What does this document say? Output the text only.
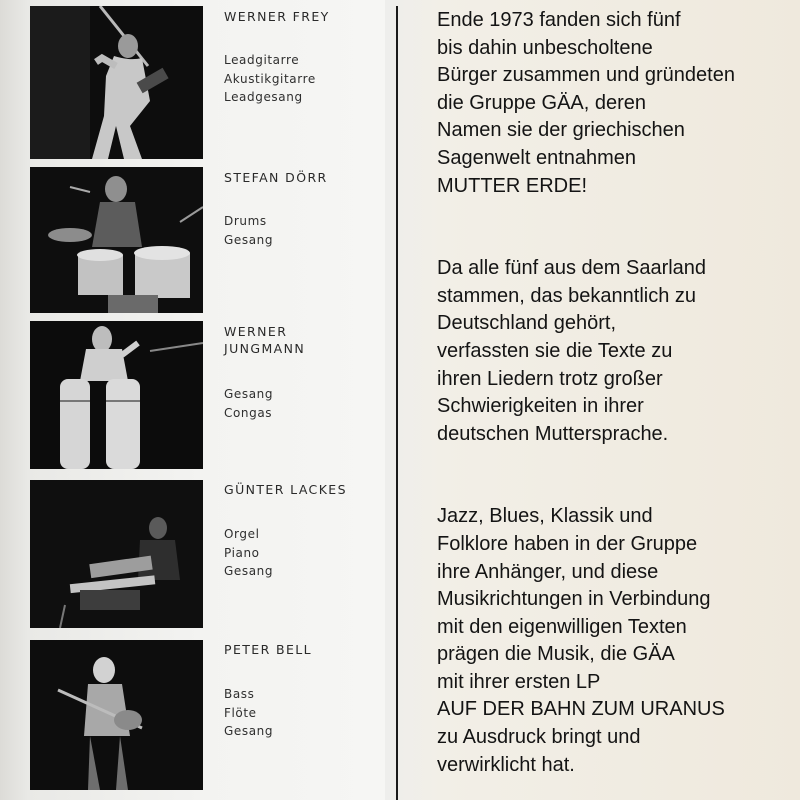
WERNER FREY
Leadgitarre
Akustikgitarre
Leadgesang
STEFAN DÖRR
Drums
Gesang
WERNER
JUNGMANN
Gesang
Congas
GÜNTER LACKES
Orgel
Piano
Gesang
PETER BELL
Bass
Flöte
Gesang
Ende 1973 fanden sich fünf
bis dahin unbescholtene
Bürger zusammen und gründeten
die Gruppe GÄA, deren
Namen sie der griechischen
Sagenwelt entnahmen
MUTTER ERDE!
Da alle fünf aus dem Saarland
stammen, das bekanntlich zu
Deutschland gehört,
verfassten sie die Texte zu
ihren Liedern trotz großer
Schwierigkeiten in ihrer
deutschen Muttersprache.
Jazz, Blues, Klassik und
Folklore haben in der Gruppe
ihre Anhänger, und diese
Musikrichtungen in Verbindung
mit den eigenwilligen Texten
prägen die Musik, die GÄA
mit ihrer ersten LP
AUF DER BAHN ZUM URANUS
zu Ausdruck bringt und
verwirklicht hat.
